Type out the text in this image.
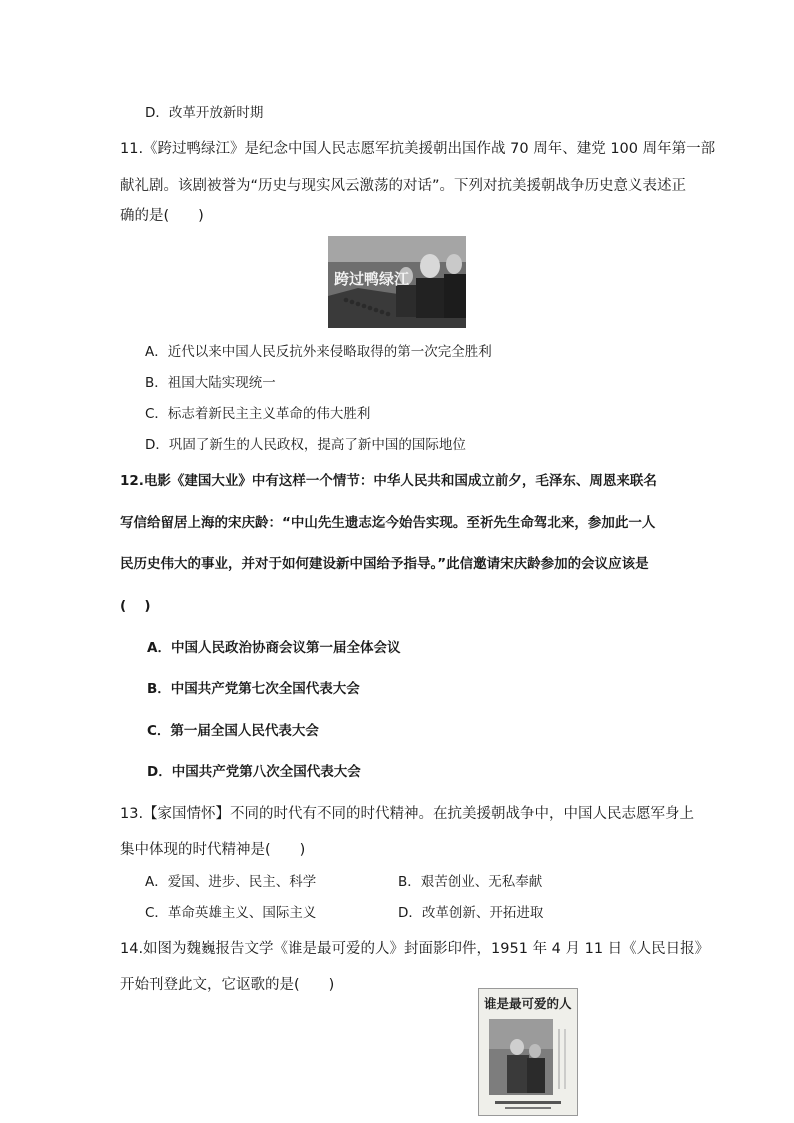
D．改革开放新时期
11.《跨过鸭绿江》是纪念中国人民志愿军抗美援朝出国作战 70 周年、建党 100 周年第一部
献礼剧。该剧被誉为“历史与现实风云激荡的对话”。下列对抗美援朝战争历史意义表述正
确的是(　　)
跨过鸭绿江
A．近代以来中国人民反抗外来侵略取得的第一次完全胜利
B．祖国大陆实现统一
C．标志着新民主主义革命的伟大胜利
D．巩固了新生的人民政权，提高了新中国的国际地位
12.电影《建国大业》中有这样一个情节：中华人民共和国成立前夕，毛泽东、周恩来联名
写信给留居上海的宋庆龄：“中山先生遗志迄今始告实现。至祈先生命驾北来，参加此一人
民历史伟大的事业，并对于如何建设新中国给予指导。”此信邀请宋庆龄参加的会议应该是
(　 )
A．中国人民政治协商会议第一届全体会议
B．中国共产党第七次全国代表大会
C．第一届全国人民代表大会
D．中国共产党第八次全国代表大会
13.【家国情怀】不同的时代有不同的时代精神。在抗美援朝战争中，中国人民志愿军身上
集中体现的时代精神是(　　)
A．爱国、进步、民主、科学	B．艰苦创业、无私奉献
C．革命英雄主义、国际主义	D．改革创新、开拓进取
14.如图为魏巍报告文学《谁是最可爱的人》封面影印件，1951 年 4 月 11 日《人民日报》
开始刊登此文，它讴歌的是(　　)
谁是最可爱的人
